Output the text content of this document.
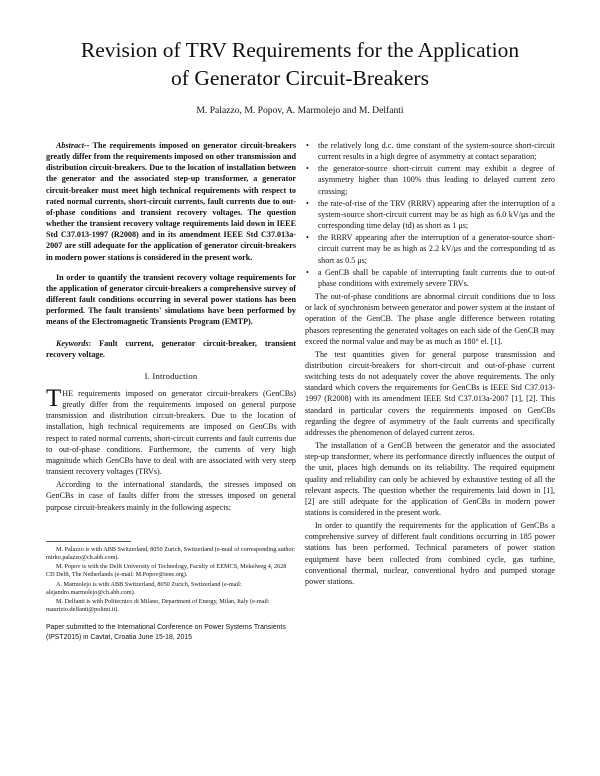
Revision of TRV Requirements for the Application
of Generator Circuit-Breakers
M. Palazzo, M. Popov, A. Marmolejo and M. Delfanti

Abstract-- The requirements imposed on generator circuit-breakers greatly differ from the requirements imposed on other transmission and distribution circuit-breakers. Due to the location of installation between the generator and the associated step-up transformer, a generator circuit-breaker must meet high technical requirements with respect to rated normal currents, short-circuit currents, fault currents due to out-of-phase conditions and transient recovery voltages. The question whether the transient recovery voltage requirements laid down in IEEE Std C37.013-1997 (R2008) and in its amendment IEEE Std C37.013a-2007 are still adequate for the application of generator circuit-breakers in modern power stations is considered in the present work.

In order to quantify the transient recovery voltage requirements for the application of generator circuit-breakers a comprehensive survey of different fault conditions occurring in several power stations has been performed. The fault transients' simulations have been performed by means of the Electromagnetic Transients Program (EMTP).

Keywords: Fault current, generator circuit-breaker, transient recovery voltage.

I. Introduction

THE requirements imposed on generator circuit-breakers (GenCBs) greatly differ from the requirements imposed on general purpose transmission and distribution circuit-breakers. Due to the location of installation, high technical requirements are imposed on GenCBs with respect to rated normal currents, short-circuit currents and fault currents due to out-of-phase conditions. Furthermore, the currents of very high magnitude which GenCBs have to deal with are associated with very steep transient recovery voltages (TRVs).

According to the international standards, the stresses imposed on GenCBs in case of faults differ from the stresses imposed on general purpose circuit-breakers mainly in the following aspects:

M. Palazzo is with ABB Switzerland, 8050 Zurich, Switzerland (e-mail of corresponding author: mirko.palazzo@ch.abb.com).

M. Popov is with the Delft University of Technology, Faculty of EEMCS, Mekelweg 4, 2628 CD Delft, The Netherlands (e-mail: M.Popov@ieee.org).

A. Marmolejo is with ABB Switzerland, 8050 Zurich, Switzerland (e-mail: alejandro.marmolejo@ch.abb.com).

M. Delfanti is with Politecnico di Milano, Department of Energy, Milan, Italy (e-mail: maurizio.delfanti@polimi.it).

Paper submitted to the International Conference on Power Systems Transients (IPST2015) in Cavtat, Croatia June 15-18, 2015

• the relatively long d.c. time constant of the system-source short-circuit current results in a high degree of asymmetry at contact separation;
• the generator-source short-circuit current may exhibit a degree of asymmetry higher than 100% thus leading to delayed current zero crossing;
• the rate-of-rise of the TRV (RRRV) appearing after the interruption of a system-source short-circuit current may be as high as 6.0 kV/μs and the corresponding time delay (td) as short as 1 μs;
• the RRRV appearing after the interruption of a generator-source short-circuit current may be as high as 2.2 kV/μs and the corresponding td as short as 0.5 μs;
• a GenCB shall be capable of interrupting fault currents due to out-of phase conditions with extremely severe TRVs.

The out-of-phase conditions are abnormal circuit conditions due to loss or lack of synchronism between generator and power system at the instant of operation of the GenCB. The phase angle difference between rotating phasors representing the generated voltages on each side of the GenCB may exceed the normal value and may be as much as 180° el. [1].

The test quantities given for general purpose transmission and distribution circuit-breakers for short-circuit and out-of-phase current switching tests do not adequately cover the above requirements. The only standard which covers the requirements for GenCBs is IEEE Std C37.013-1997 (R2008) with its amendment IEEE Std C37.013a-2007 [1], [2]. This standard in particular covers the requirements imposed on GenCBs regarding the degree of asymmetry of the fault currents and specifically addresses the phenomenon of delayed current zeros.

The installation of a GenCB between the generator and the associated step-up transformer, where its performance directly influences the output of the unit, places high demands on its reliability. The required equipment quality and reliability can only be achieved by exhaustive testing of all the relevant aspects. The question whether the requirements laid down in [1], [2] are still adequate for the application of GenCBs in modern power stations is considered in the present work.

In order to quantify the requirements for the application of GenCBs a comprehensive survey of different fault conditions occurring in 185 power stations has been performed. Technical parameters of power station equipment have been collected from combined cycle, gas turbine, conventional thermal, nuclear, conventional hydro and pumped storage power stations.
